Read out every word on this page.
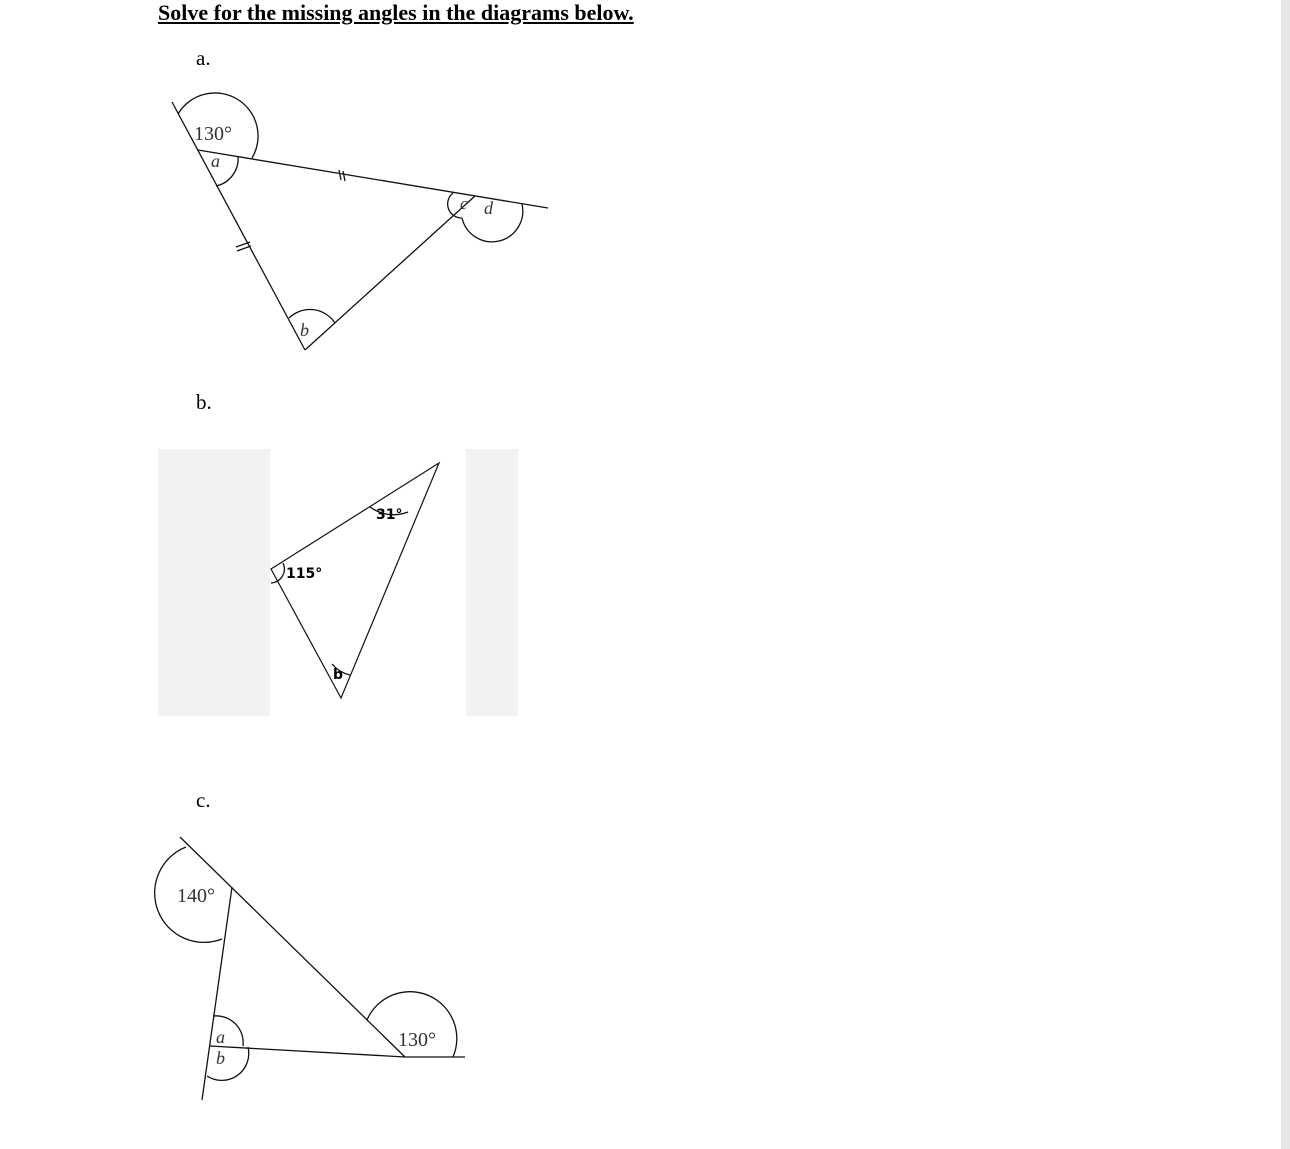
Solve for the missing angles in the diagrams below.
a.
b.
c.
130°
a
b
c d
31°
115°
b
140°
130°
a
b
